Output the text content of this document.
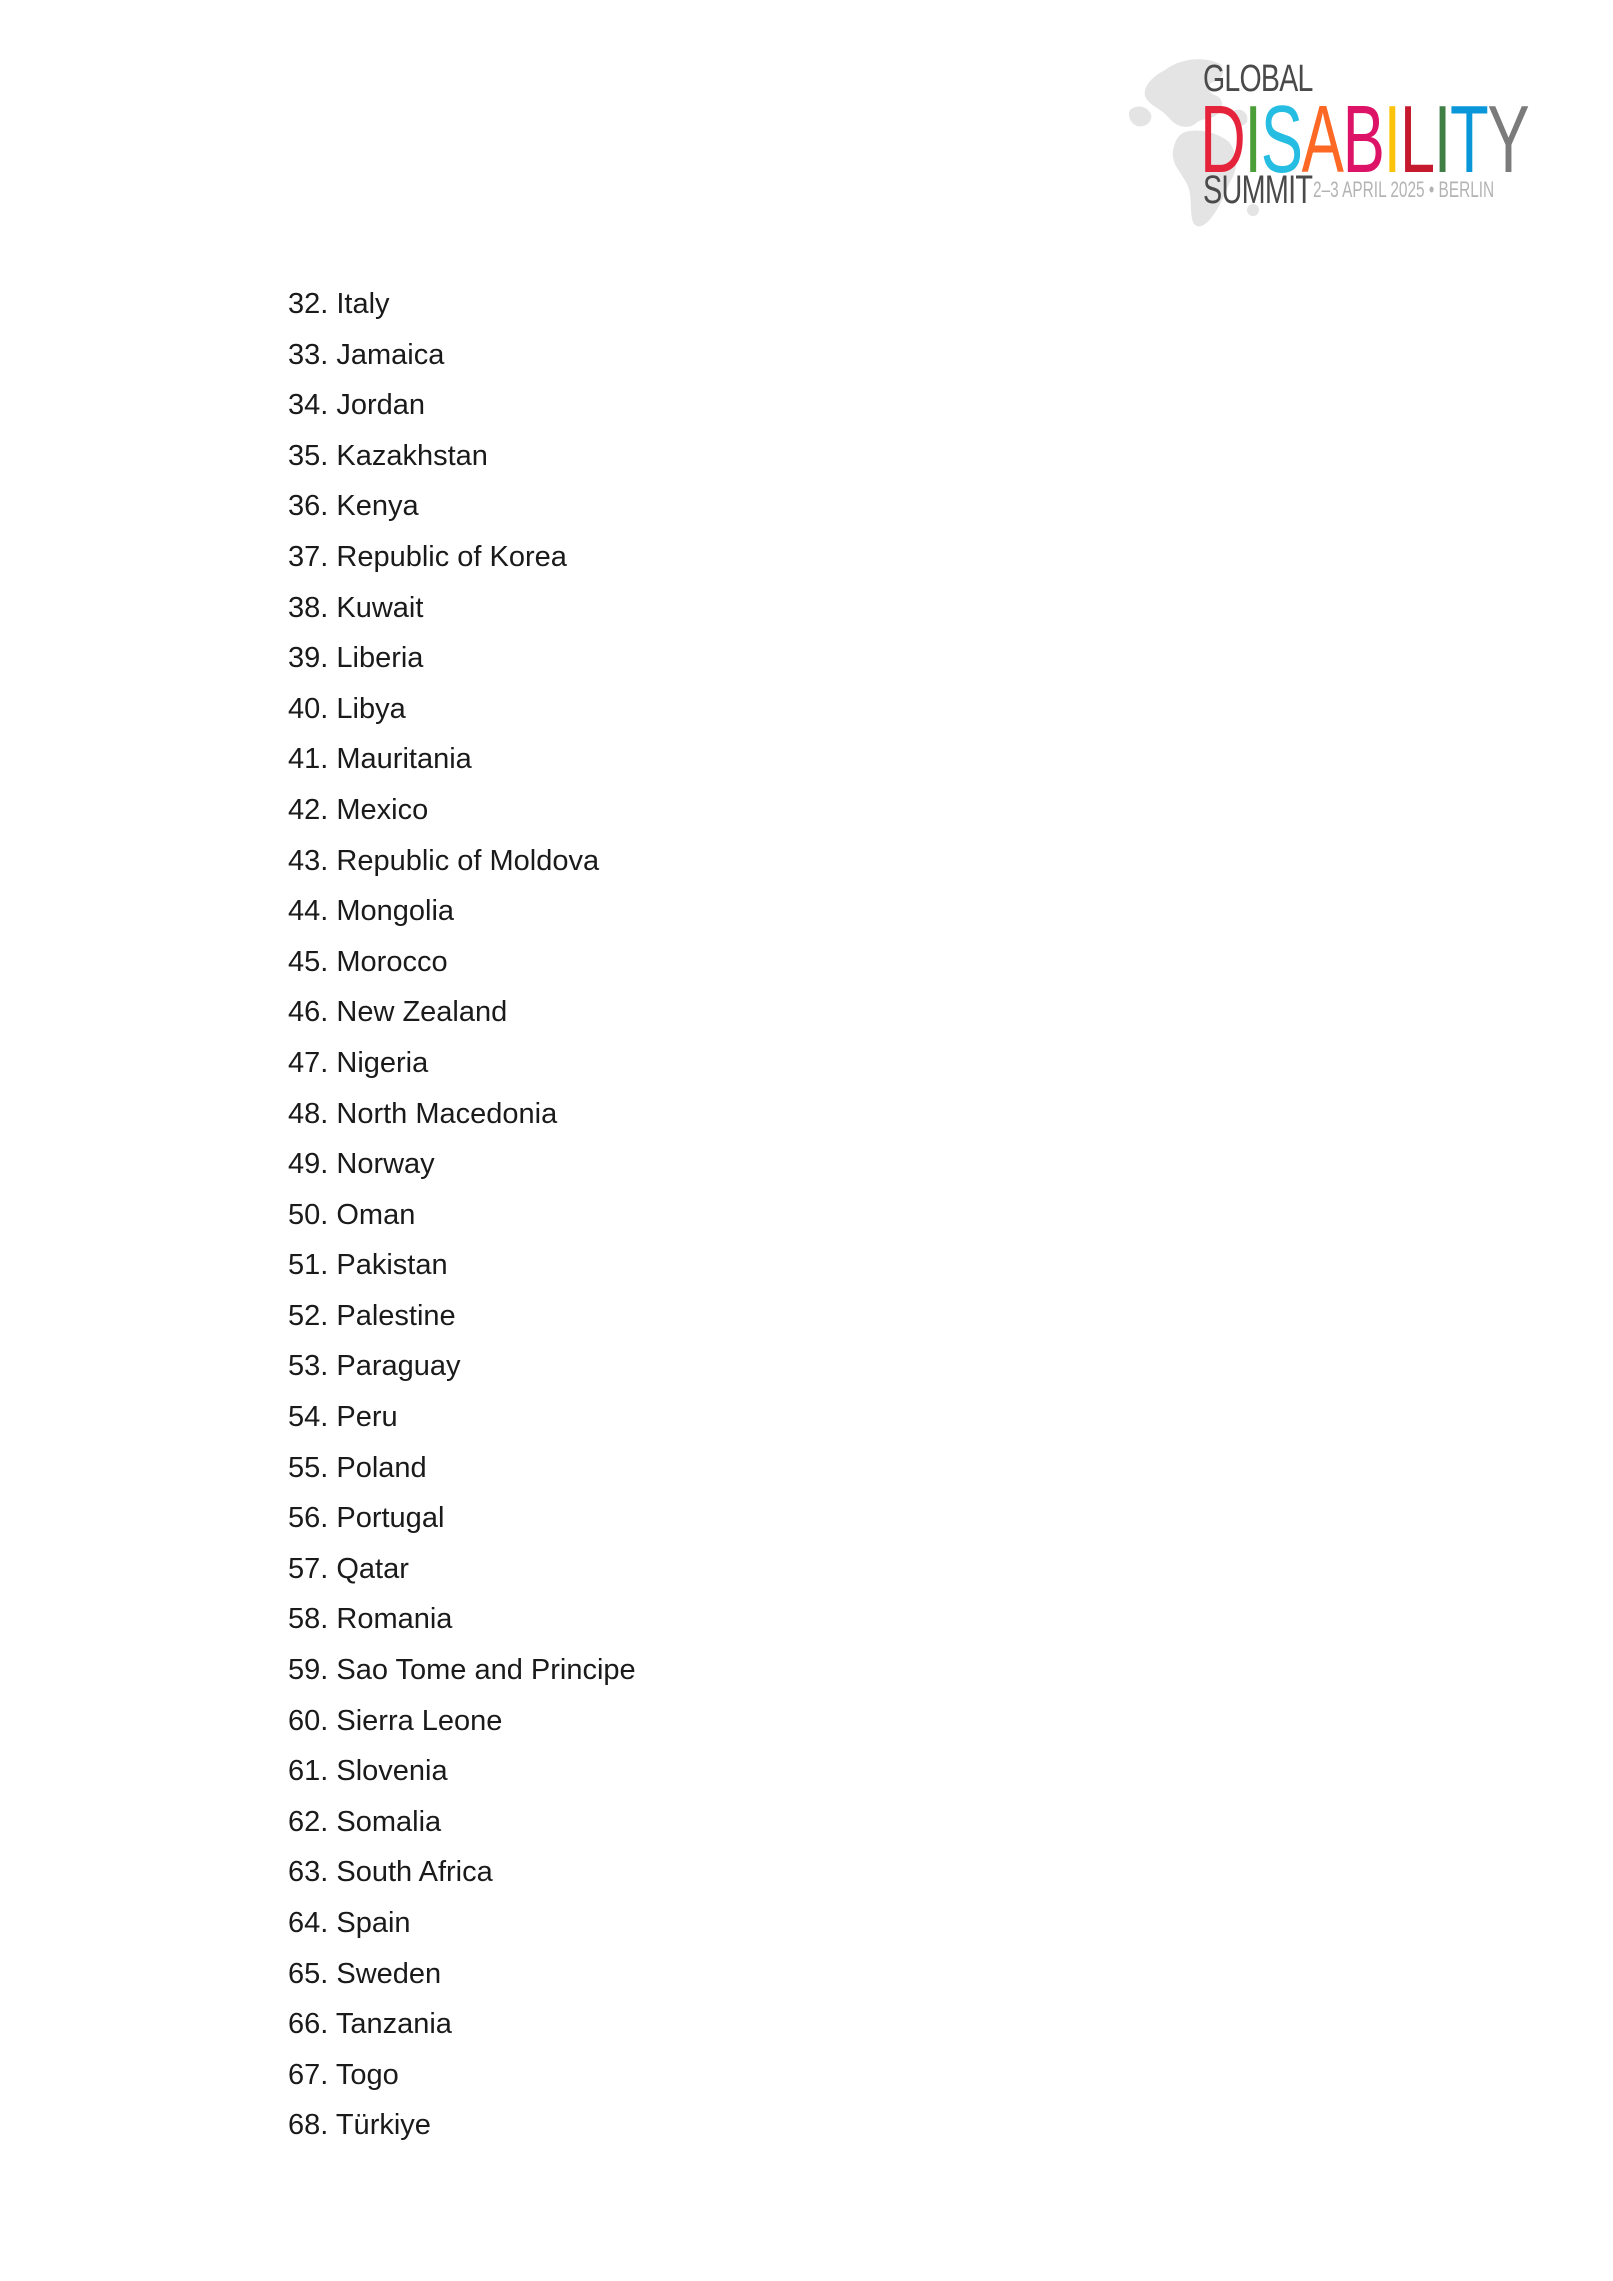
GLOBAL
DISABILITY
SUMMIT 2–3 APRIL 2025 • BERLIN
32. Italy
33. Jamaica
34. Jordan
35. Kazakhstan
36. Kenya
37. Republic of Korea
38. Kuwait
39. Liberia
40. Libya
41. Mauritania
42. Mexico
43. Republic of Moldova
44. Mongolia
45. Morocco
46. New Zealand
47. Nigeria
48. North Macedonia
49. Norway
50. Oman
51. Pakistan
52. Palestine
53. Paraguay
54. Peru
55. Poland
56. Portugal
57. Qatar
58. Romania
59. Sao Tome and Principe
60. Sierra Leone
61. Slovenia
62. Somalia
63. South Africa
64. Spain
65. Sweden
66. Tanzania
67. Togo
68. Türkiye
